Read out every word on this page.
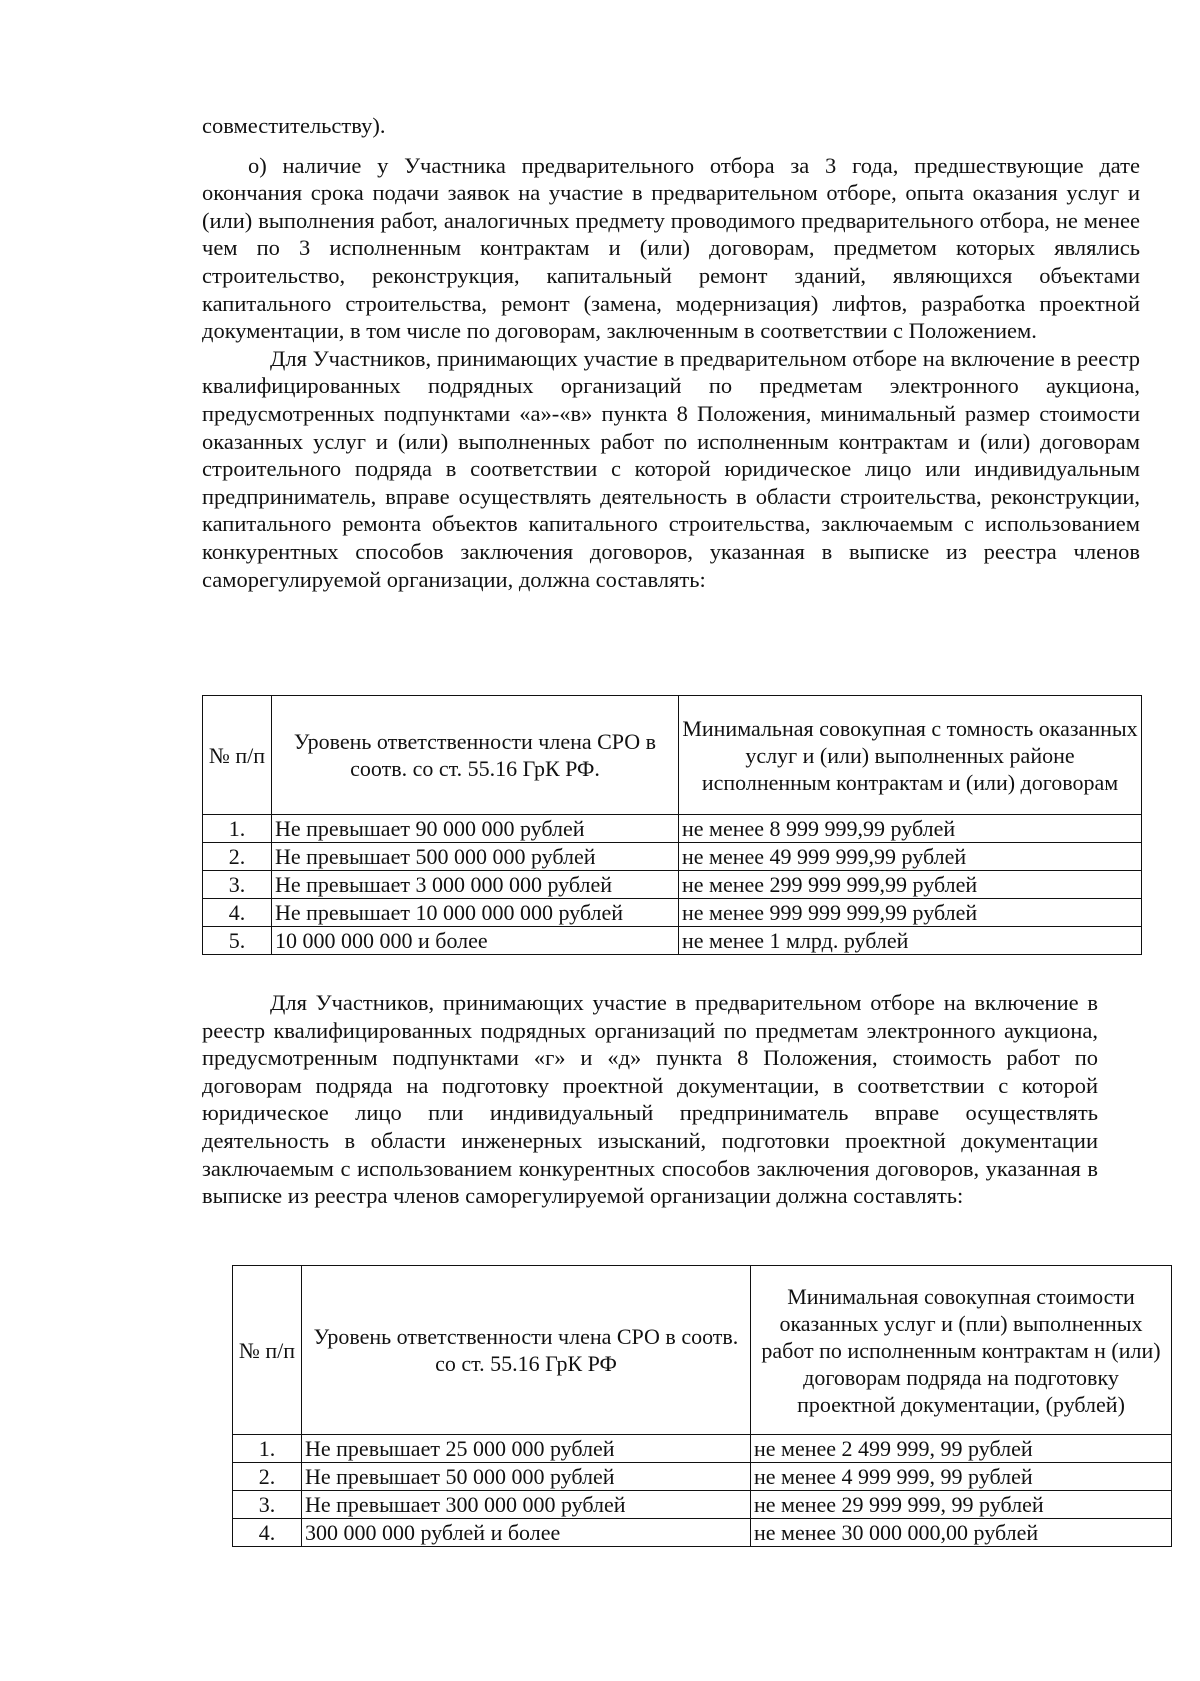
совместительству).

о) наличие у Участника предварительного отбора за 3 года, предшествующие дате окончания срока подачи заявок на участие в предварительном отборе, опыта оказания услуг и (или) выполнения работ, аналогичных предмету проводимого предварительного отбора, не менее чем по 3 исполненным контрактам и (или) договорам, предметом которых являлись строительство, реконструкция, капитальный ремонт зданий, являющихся объектами капитального строительства, ремонт (замена, модернизация) лифтов, разработка проектной документации, в том числе по договорам, заключенным в соответствии с Положением.

Для Участников, принимающих участие в предварительном отборе на включение в реестр квалифицированных подрядных организаций по предметам электронного аукциона, предусмотренных подпунктами «а»-«в» пункта 8 Положения, минимальный размер стоимости оказанных услуг и (или) выполненных работ по исполненным контрактам и (или) договорам строительного подряда в соответствии с которой юридическое лицо или индивидуальным предприниматель, вправе осуществлять деятельность в области строительства, реконструкции, капитального ремонта объектов капитального строительства, заключаемым с использованием конкурентных способов заключения договоров, указанная в выписке из реестра членов саморегулируемой организации, должна составлять:

№ п/п	Уровень ответственности члена СРО в соотв. со ст. 55.16 ГрК РФ.	Минимальная совокупная с томность оказанных услуг и (или) выполненных районе исполненным контрактам и (или) договорам
1.	Не превышает 90 000 000 рублей	не менее 8 999 999,99 рублей
2.	Не превышает 500 000 000 рублей	не менее 49 999 999,99 рублей
3.	Не превышает 3 000 000 000 рублей	не менее 299 999 999,99 рублей
4.	Не превышает 10 000 000 000 рублей	не менее 999 999 999,99 рублей
5.	10 000 000 000 и более	не менее 1 млрд. рублей

Для Участников, принимающих участие в предварительном отборе на включение в реестр квалифицированных подрядных организаций по предметам электронного аукциона, предусмотренным подпунктами «г» и «д» пункта 8 Положения, стоимость работ по договорам подряда на подготовку проектной документации, в соответствии с которой юридическое лицо пли индивидуальный предприниматель вправе осуществлять деятельность в области инженерных изысканий, подготовки проектной документации заключаемым с использованием конкурентных способов заключения договоров, указанная в выписке из реестра членов саморегулируемой организации должна составлять:

№ п/п	Уровень ответственности члена СРО в соотв. со ст. 55.16 ГрК РФ	Минимальная совокупная стоимости оказанных услуг и (пли) выполненных работ по исполненным контрактам н (или) договорам подряда на подготовку проектной документации, (рублей)
1.	Не превышает 25 000 000 рублей	не менее 2 499 999, 99 рублей
2.	Не превышает 50 000 000 рублей	не менее 4 999 999, 99 рублей
3.	Не превышает 300 000 000 рублей	не менее 29 999 999, 99 рублей
4.	300 000 000 рублей и более	не менее 30 000 000,00 рублей
